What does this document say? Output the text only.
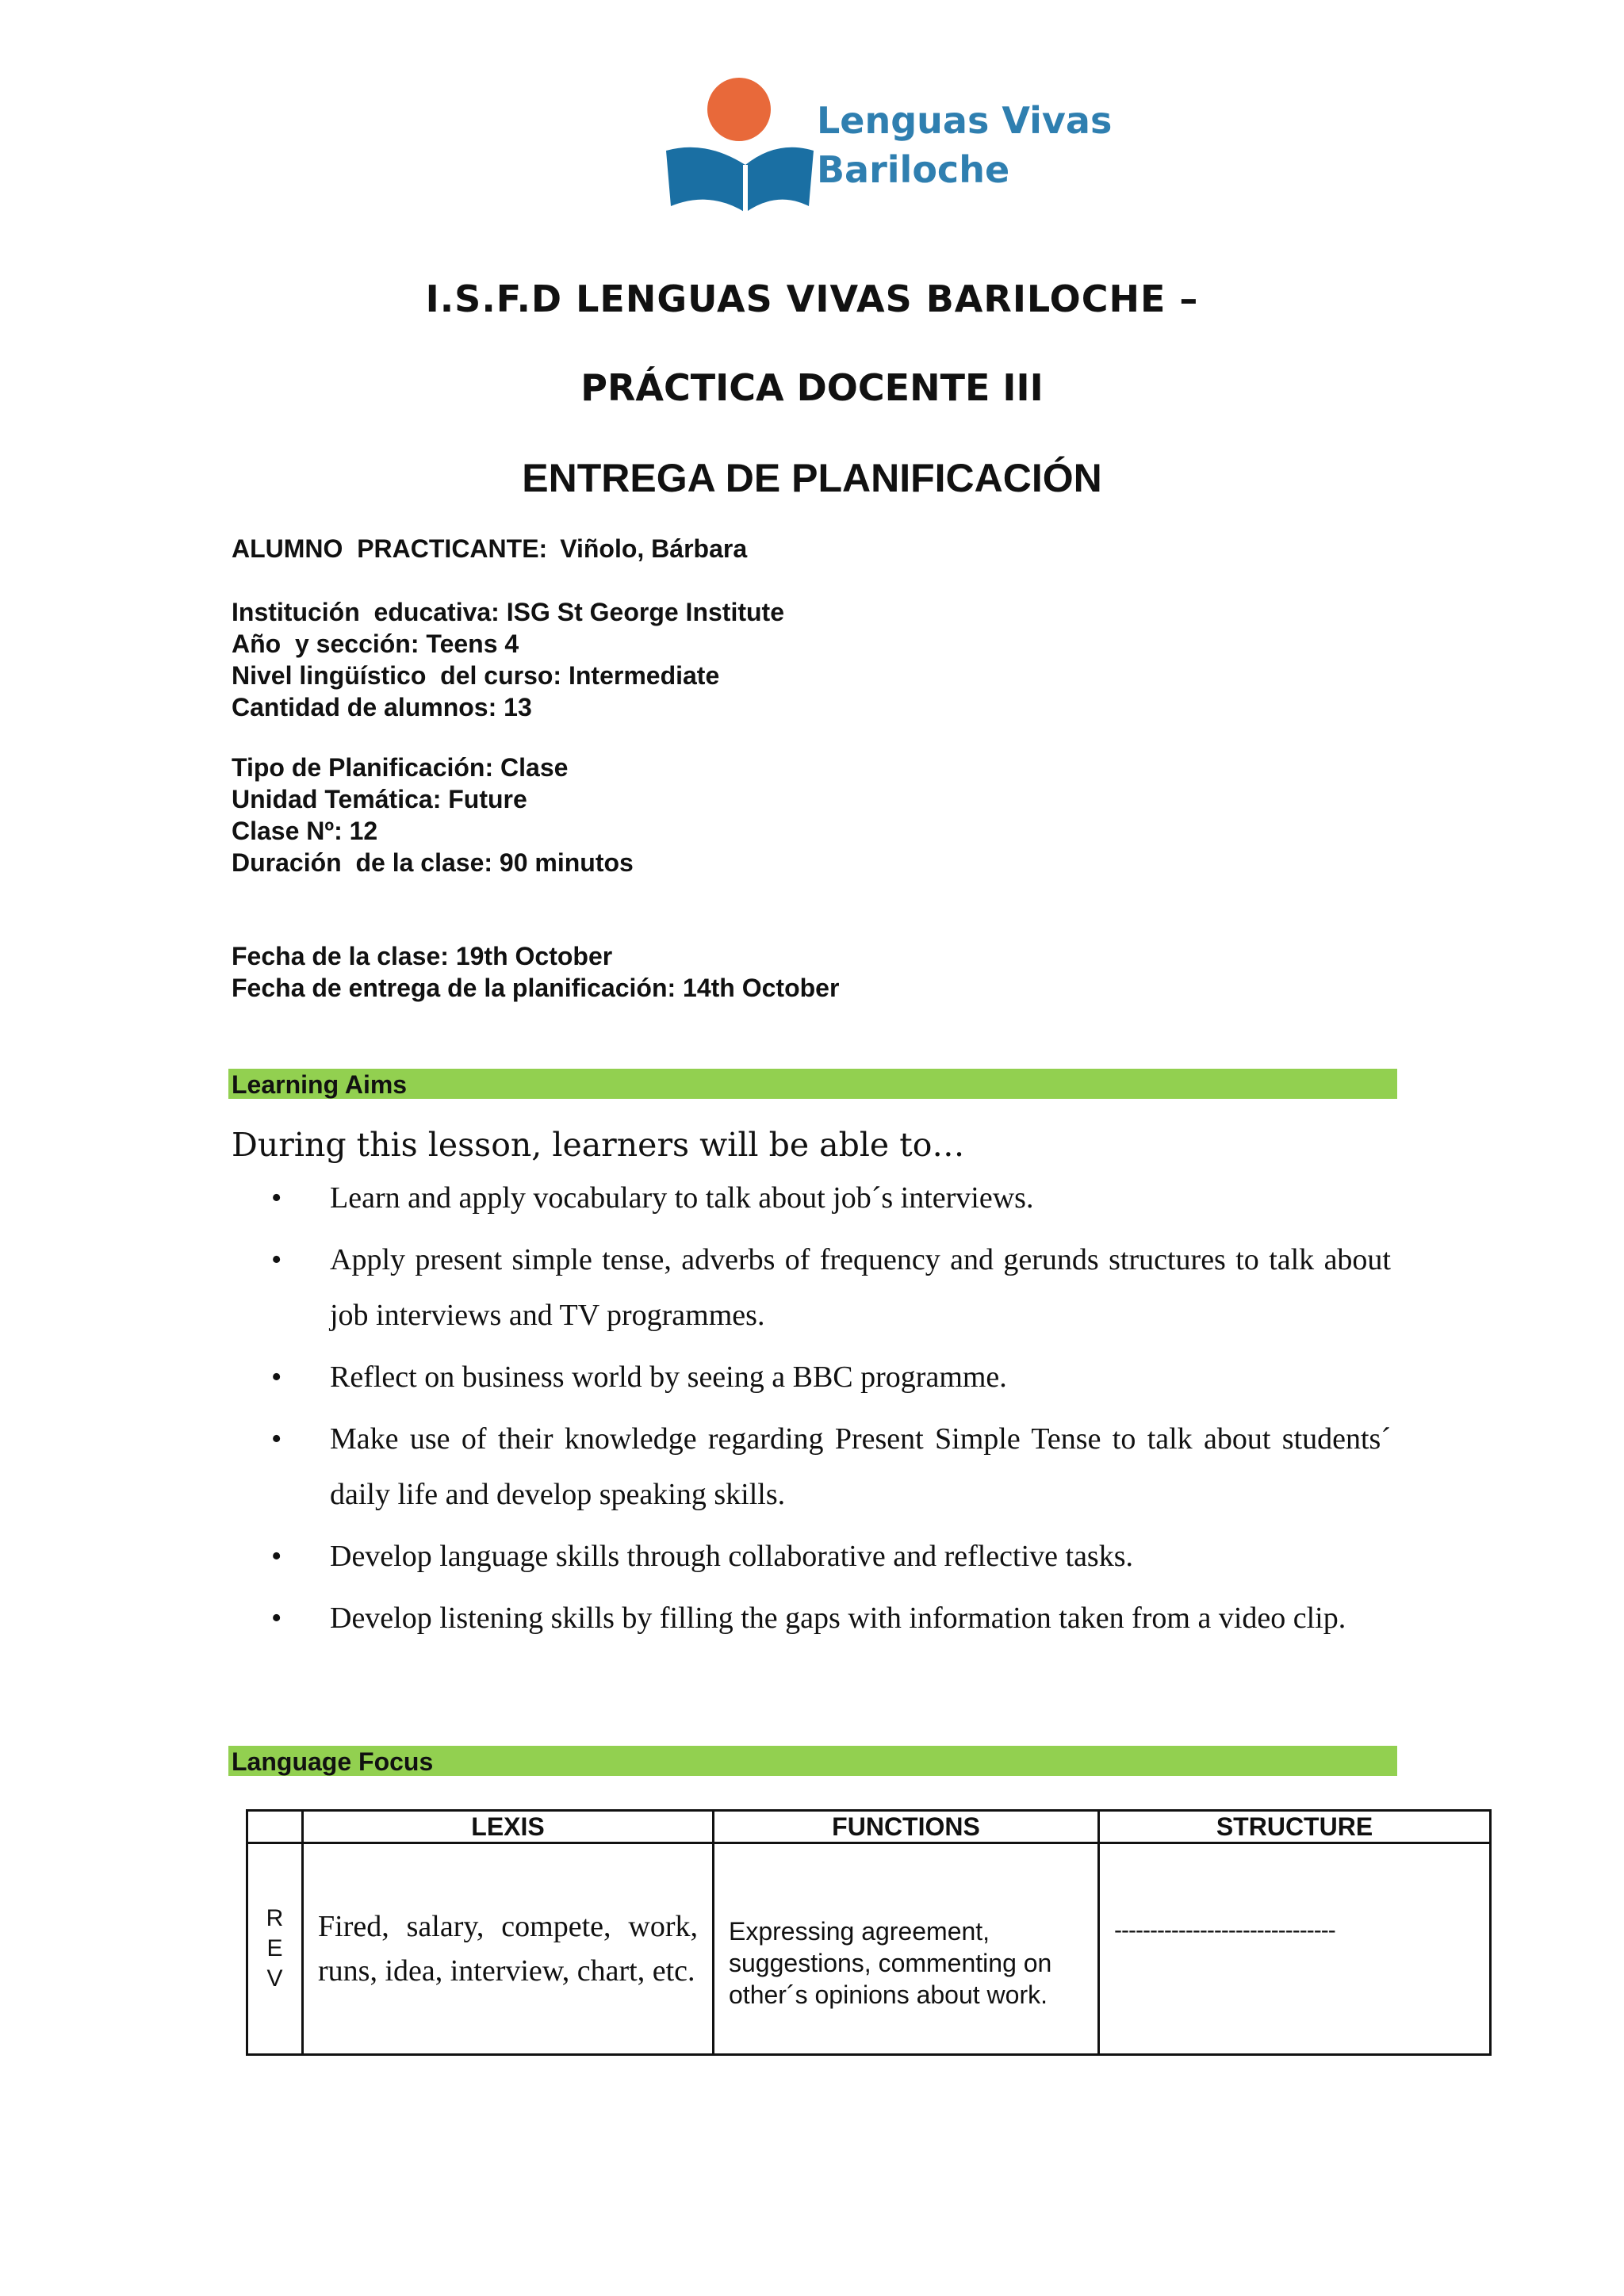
Lenguas Vivas
Bariloche
I.S.F.D LENGUAS VIVAS BARILOCHE –
PRÁCTICA DOCENTE III
ENTREGA DE PLANIFICACIÓN
ALUMNO  PRACTICANTE: Viñolo, Bárbara
Institución  educativa: ISG St George Institute
Año  y sección: Teens 4
Nivel lingüístico  del curso: Intermediate
Cantidad de alumnos: 13
Tipo de Planificación: Clase
Unidad Temática: Future
Clase Nº: 12
Duración  de la clase: 90 minutos
Fecha de la clase: 19th October
Fecha de entrega de la planificación: 14th October
Learning Aims
During this lesson, learners will be able to…
• Learn and apply vocabulary to talk about job´s interviews.
• Apply present simple tense, adverbs of frequency and gerunds structures to talk about job interviews and TV programmes.
• Reflect on business world by seeing a BBC programme.
• Make use of their knowledge regarding Present Simple Tense to talk about students´ daily life and develop speaking skills.
• Develop language skills through collaborative and reflective tasks.
• Develop listening skills by filling the gaps with information taken from a video clip.
Language Focus
	LEXIS	FUNCTIONS	STRUCTURE

R
E
V	Fired, salary, compete, work, runs, idea, interview, chart, etc.	Expressing agreement, suggestions, commenting on other´s opinions about work.	-------------------------------
